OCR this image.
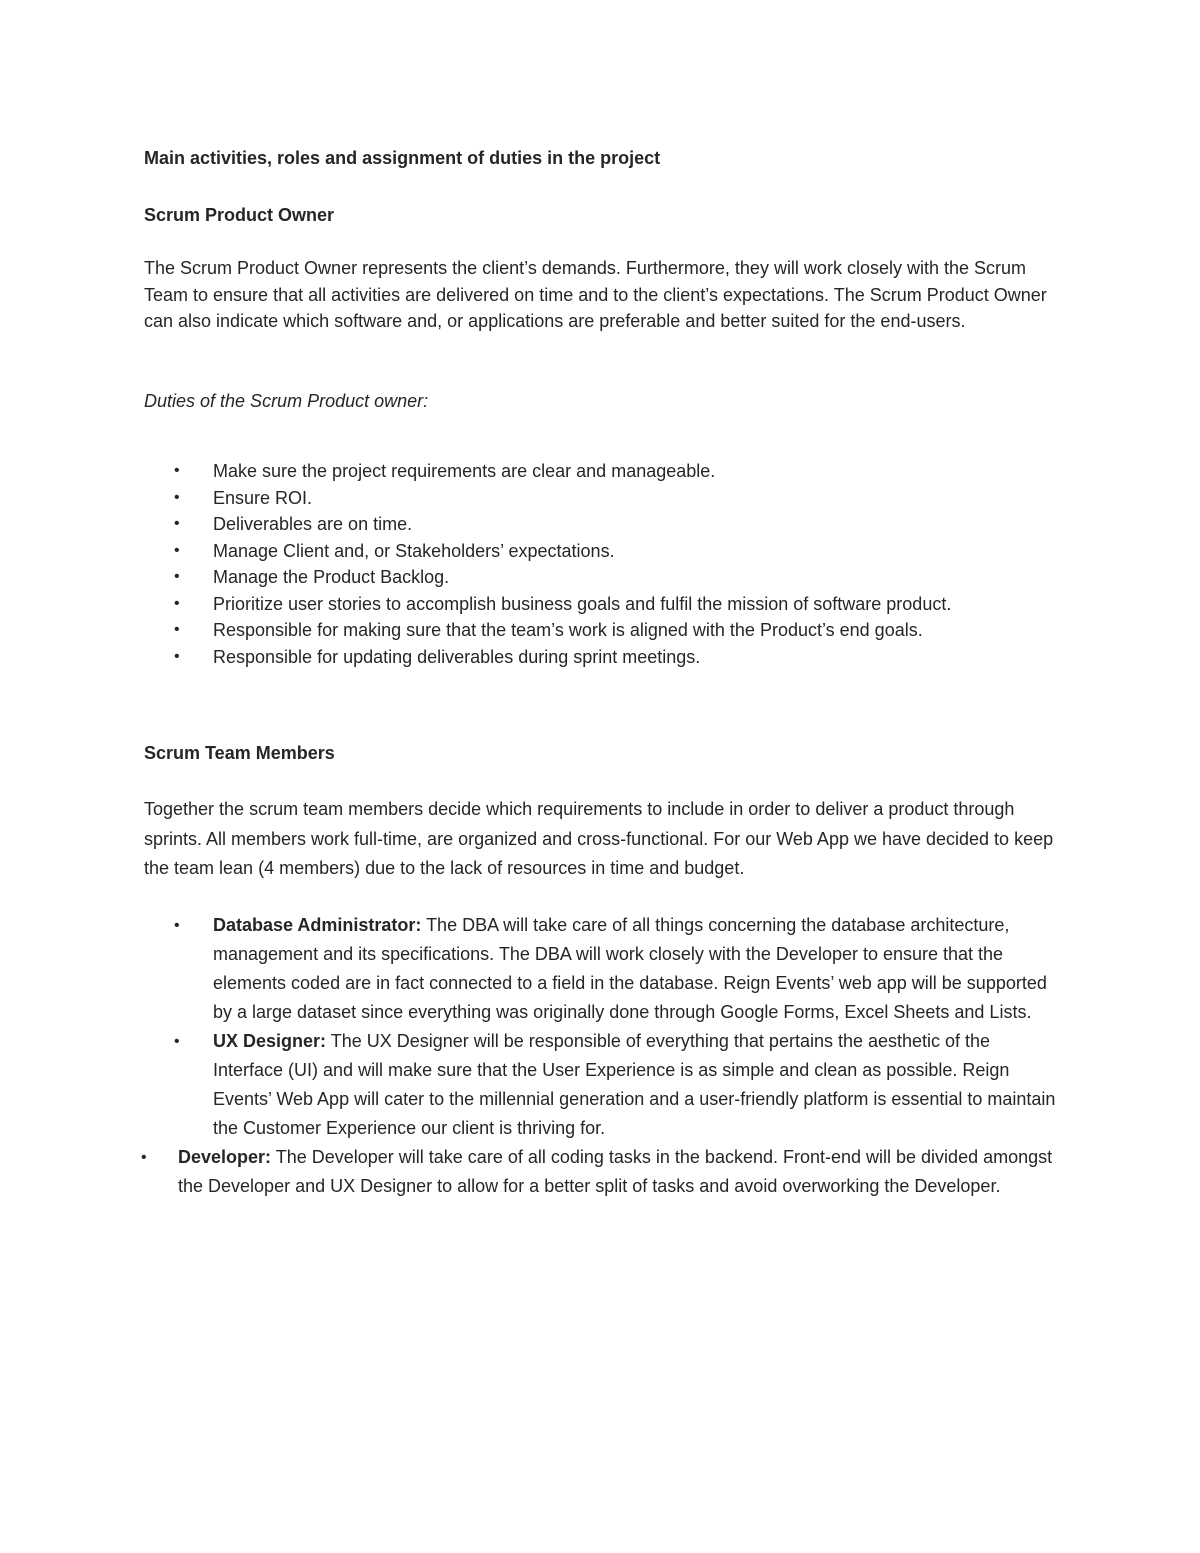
Main activities, roles and assignment of duties in the project

Scrum Product Owner

The Scrum Product Owner represents the client’s demands. Furthermore, they will work closely with the Scrum Team to ensure that all activities are delivered on time and to the client’s expectations. The Scrum Product Owner can also indicate which software and, or applications are preferable and better suited for the end-users.

Duties of the Scrum Product owner:

• Make sure the project requirements are clear and manageable.
• Ensure ROI.
• Deliverables are on time.
• Manage Client and, or Stakeholders’ expectations.
• Manage the Product Backlog.
• Prioritize user stories to accomplish business goals and fulfil the mission of software product.
• Responsible for making sure that the team’s work is aligned with the Product’s end goals.
• Responsible for updating deliverables during sprint meetings.

Scrum Team Members

Together the scrum team members decide which requirements to include in order to deliver a product through sprints. All members work full-time, are organized and cross-functional. For our Web App we have decided to keep the team lean (4 members) due to the lack of resources in time and budget.

• Database Administrator: The DBA will take care of all things concerning the database architecture, management and its specifications. The DBA will work closely with the Developer to ensure that the elements coded are in fact connected to a field in the database. Reign Events’ web app will be supported by a large dataset since everything was originally done through Google Forms, Excel Sheets and Lists.
• UX Designer: The UX Designer will be responsible of everything that pertains the aesthetic of the Interface (UI) and will make sure that the User Experience is as simple and clean as possible. Reign Events’ Web App will cater to the millennial generation and a user-friendly platform is essential to maintain the Customer Experience our client is thriving for.
• Developer: The Developer will take care of all coding tasks in the backend. Front-end will be divided amongst the Developer and UX Designer to allow for a better split of tasks and avoid overworking the Developer.
